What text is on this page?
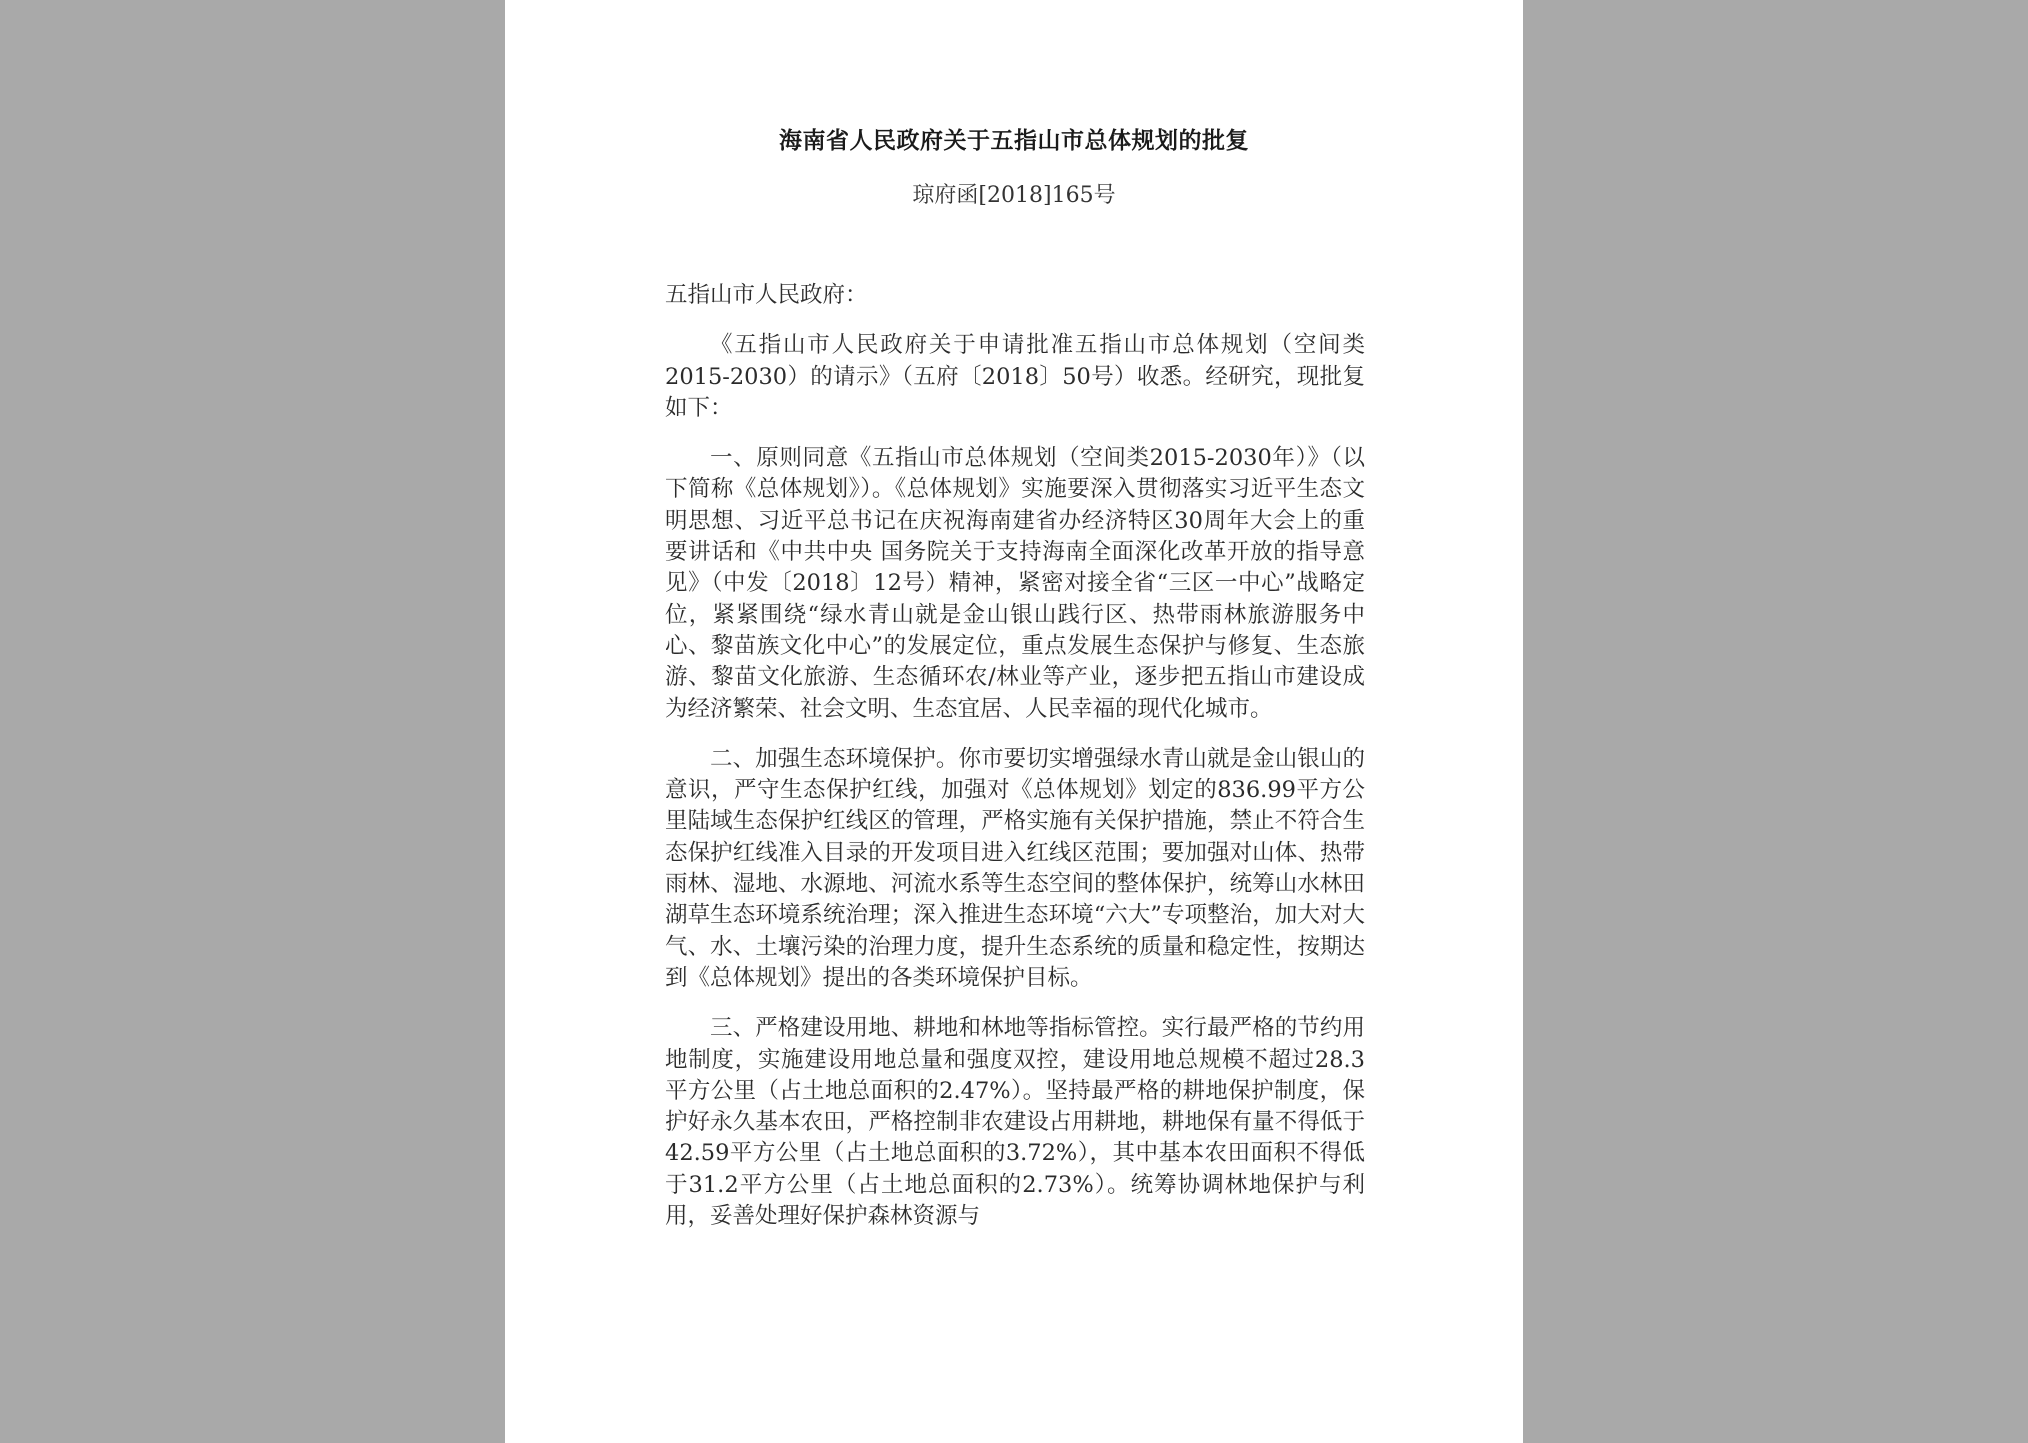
海南省人民政府关于五指山市总体规划的批复
琼府函[2018]165号

五指山市人民政府：

《五指山市人民政府关于申请批准五指山市总体规划（空间类2015-2030）的请示》（五府〔2018〕50号）收悉。经研究，现批复如下：

一、原则同意《五指山市总体规划（空间类2015-2030年）》（以下简称《总体规划》）。《总体规划》实施要深入贯彻落实习近平生态文明思想、习近平总书记在庆祝海南建省办经济特区30周年大会上的重要讲话和《中共中央 国务院关于支持海南全面深化改革开放的指导意见》（中发〔2018〕12号）精神，紧密对接全省“三区一中心”战略定位，紧紧围绕“绿水青山就是金山银山践行区、热带雨林旅游服务中心、黎苗族文化中心”的发展定位，重点发展生态保护与修复、生态旅游、黎苗文化旅游、生态循环农/林业等产业，逐步把五指山市建设成为经济繁荣、社会文明、生态宜居、人民幸福的现代化城市。

二、加强生态环境保护。你市要切实增强绿水青山就是金山银山的意识，严守生态保护红线，加强对《总体规划》划定的836.99平方公里陆域生态保护红线区的管理，严格实施有关保护措施，禁止不符合生态保护红线准入目录的开发项目进入红线区范围；要加强对山体、热带雨林、湿地、水源地、河流水系等生态空间的整体保护，统筹山水林田湖草生态环境系统治理；深入推进生态环境“六大”专项整治，加大对大气、水、土壤污染的治理力度，提升生态系统的质量和稳定性，按期达到《总体规划》提出的各类环境保护目标。

三、严格建设用地、耕地和林地等指标管控。实行最严格的节约用地制度，实施建设用地总量和强度双控，建设用地总规模不超过28.3平方公里（占土地总面积的2.47%）。坚持最严格的耕地保护制度，保护好永久基本农田，严格控制非农建设占用耕地，耕地保有量不得低于42.59平方公里（占土地总面积的3.72%），其中基本农田面积不得低于31.2平方公里（占土地总面积的2.73%）。统筹协调林地保护与利用，妥善处理好保护森林资源与
